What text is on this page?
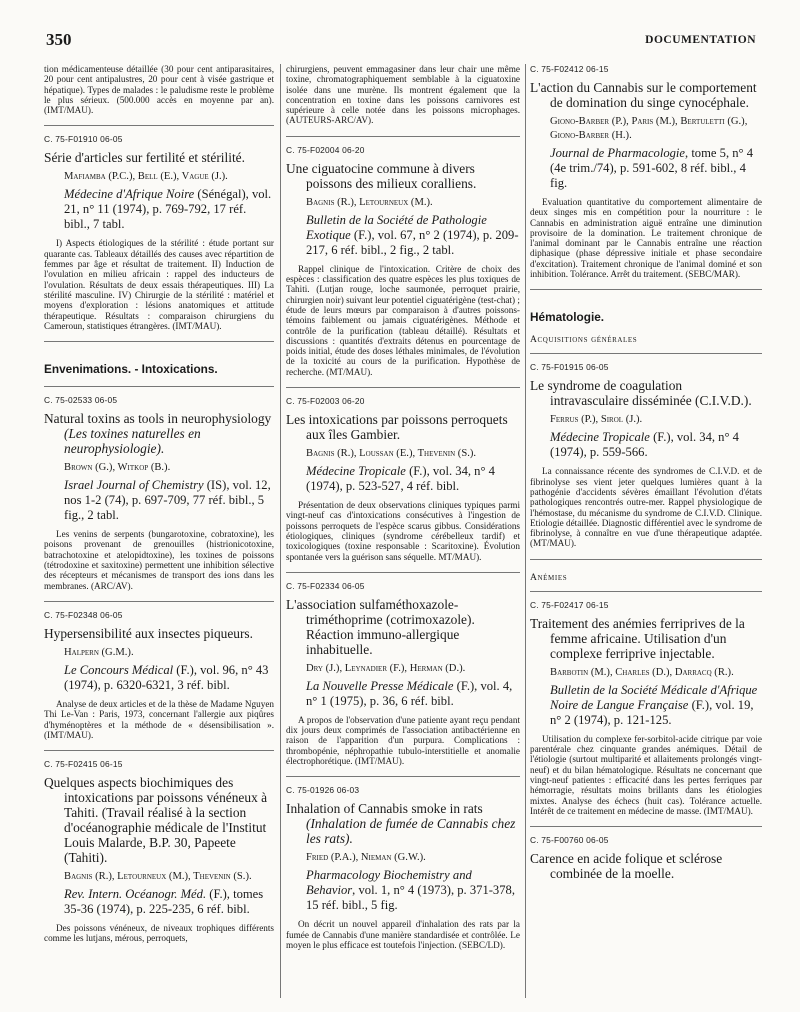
350	DOCUMENTATION
tion médicamenteuse détaillée (30 pour cent antiparasitaires, 20 pour cent antipalustres, 20 pour cent à visée gastrique et hépatique). Types de malades : le paludisme reste le problème le plus sérieux. (500.000 accès en moyenne par an). (IMT/MAU).
C. 75-F01910 06-05
Série d'articles sur fertilité et stérilité.
Mafiamba (P.C.), Bell (E.), Vague (J.).
Médecine d'Afrique Noire (Sénégal), vol. 21, n° 11 (1974), p. 769-792, 17 réf. bibl., 7 tabl.
I) Aspects étiologiques de la stérilité : étude portant sur quarante cas. Tableaux détaillés des causes avec répartition de femmes par âge et résultat de traitement. II) Induction de l'ovulation en milieu africain : rappel des inducteurs de l'ovulation. Résultats de deux essais thérapeutiques. III) La stérilité masculine. IV) Chirurgie de la stérilité : matériel et moyens d'exploration : lésions anatomiques et attitude thérapeutique. Résultats : comparaison chirurgiens du Cameroun, statistiques étrangères. (IMT/MAU).
Envenimations. - Intoxications.
C. 75-02533 06-05
Natural toxins as tools in neurophysiology (Les toxines naturelles en neurophysiologie).
Brown (G.), Witkop (B.).
Israel Journal of Chemistry (IS), vol. 12, nos 1-2 (74), p. 697-709, 77 réf. bibl., 5 fig., 2 tabl.
Les venins de serpents (bungarotoxine, cobratoxine), les poisons provenant de grenouilles (histrionicotoxine, batrachotoxine et atelopidtoxine), les toxines de poissons (tétrodoxine et saxitoxine) permettent une inhibition sélective des récepteurs et mécanismes de transport des ions dans les membranes. (ARC/AV).
C. 75-F02348 06-05
Hypersensibilité aux insectes piqueurs.
Halpern (G.M.).
Le Concours Médical (F.), vol. 96, n° 43 (1974), p. 6320-6321, 3 réf. bibl.
Analyse de deux articles et de la thèse de Madame Nguyen Thi Le-Van : Paris, 1973, concernant l'allergie aux piqûres d'hyménoptères et la méthode de « désensibilisation ». (IMT/MAU).
C. 75-F02415 06-15
Quelques aspects biochimiques des intoxications par poissons vénéneux à Tahiti. (Travail réalisé à la section d'océanographie médicale de l'Institut Louis Malarde, B.P. 30, Papeete (Tahiti).
Bagnis (R.), Letourneux (M.), Thevenin (S.).
Rev. Intern. Océanogr. Méd. (F.), tomes 35-36 (1974), p. 225-235, 6 réf. bibl.
Des poissons vénéneux, de niveaux trophiques différents comme les lutjans, mérous, perroquets,
chirurgiens, peuvent emmagasiner dans leur chair une même toxine, chromatographiquement semblable à la ciguatoxine isolée dans une murène. Ils montrent également que la concentration en toxine dans les poissons carnivores est supérieure à celle notée dans les poissons microphages. (AUTEURS-ARC/AV).
C. 75-F02004 06-20
Une ciguatocine commune à divers poissons des milieux coralliens.
Bagnis (R.), Letourneux (M.).
Bulletin de la Société de Pathologie Exotique (F.), vol. 67, n° 2 (1974), p. 209-217, 6 réf. bibl., 2 fig., 2 tabl.
Rappel clinique de l'intoxication. Critère de choix des espèces : classification des quatre espèces les plus toxiques de Tahiti. (Lutjan rouge, loche saumonée, perroquet prairie, chirurgien noir) suivant leur potentiel ciguatérigène (test-chat) ; étude de leurs mœurs par comparaison à d'autres poissons-témoins faiblement ou jamais ciguatérigènes. Méthode et contrôle de la purification (tableau détaillé). Résultats et discussions : quantités d'extraits détenus en pourcentage de poids initial, étude des doses léthales minimales, de l'évolution de la toxicité au cours de la purification. Hypothèse de recherche. (MT/MAU).
C. 75-F02003 06-20
Les intoxications par poissons perroquets aux îles Gambier.
Bagnis (R.), Loussan (E.), Thevenin (S.).
Médecine Tropicale (F.), vol. 34, n° 4 (1974), p. 523-527, 4 réf. bibl.
Présentation de deux observations cliniques typiques parmi vingt-neuf cas d'intoxications consécutives à l'ingestion de poissons perroquets de l'espèce scarus gibbus. Considérations étiologiques, cliniques (syndrome cérébelleux tardif) et toxicologiques (toxine responsable : Scaritoxine). Évolution spontanée vers la guérison sans séquelle. MT/MAU).
C. 75-F02334 06-05
L'association sulfaméthoxazole-triméthoprime (cotrimoxazole). Réaction immuno-allergique inhabituelle.
Dry (J.), Leynadier (F.), Herman (D.).
La Nouvelle Presse Médicale (F.), vol. 4, n° 1 (1975), p. 36, 6 réf. bibl.
A propos de l'observation d'une patiente ayant reçu pendant dix jours deux comprimés de l'association antibactérienne en raison de l'apparition d'un purpura. Complications : thrombopénie, néphropathie tubulo-interstitielle et anomalie électrophorétique. (IMT/MAU).
C. 75-01926 06-03
Inhalation of Cannabis smoke in rats (Inhalation de fumée de Cannabis chez les rats).
Fried (P.A.), Nieman (G.W.).
Pharmacology Biochemistry and Behavior, vol. 1, n° 4 (1973), p. 371-378, 15 réf. bibl., 5 fig.
On décrit un nouvel appareil d'inhalation des rats par la fumée de Cannabis d'une manière standardisée et contrôlée. Le moyen le plus efficace est toutefois l'injection. (SEBC/LD).
C. 75-F02412 06-15
L'action du Cannabis sur le comportement de domination du singe cynocéphale.
Giono-Barber (P.), Paris (M.), Bertuletti (G.), Giono-Barber (H.).
Journal de Pharmacologie, tome 5, n° 4 (4e trim./74), p. 591-602, 8 réf. bibl., 4 fig.
Evaluation quantitative du comportement alimentaire de deux singes mis en compétition pour la nourriture : le Cannabis en administration aiguë entraîne une diminution provisoire de la domination. Le traitement chronique de l'animal dominant par le Cannabis entraîne une réaction diphasique (phase dépressive initiale et phase secondaire d'excitation). Traitement chronique de l'animal dominé et son inhibition. Tolérance. Arrêt du traitement. (SEBC/MAR).
Hématologie.
Acquisitions générales
C. 75-F01915 06-05
Le syndrome de coagulation intravasculaire disséminée (C.I.V.D.).
Ferrus (P.), Sirol (J.).
Médecine Tropicale (F.), vol. 34, n° 4 (1974), p. 559-566.
La connaissance récente des syndromes de C.I.V.D. et de fibrinolyse ses vient jeter quelques lumières quant à la pathogénie d'accidents sévères émaillant l'évolution d'états pathologiques rencontrés outre-mer. Rappel physiologique de l'hémostase, du mécanisme du syndrome de C.I.V.D. Clinique. Etiologie détaillée. Diagnostic différentiel avec le syndrome de fibrinolyse, à connaître en vue d'une thérapeutique adaptée. (MT/MAU).
Anémies
C. 75-F02417 06-15
Traitement des anémies ferriprives de la femme africaine. Utilisation d'un complexe ferriprive injectable.
Barbotin (M.), Charles (D.), Darracq (R.).
Bulletin de la Société Médicale d'Afrique Noire de Langue Française (F.), vol. 19, n° 2 (1974), p. 121-125.
Utilisation du complexe fer-sorbitol-acide citrique par voie parentérale chez cinquante grandes anémiques. Détail de l'étiologie (surtout multiparité et allaitements prolongés vingt-neuf) et du bilan hématologique. Résultats ne concernant que vingt-neuf patientes : efficacité dans les pertes ferriques par hémorragie, résultats moins brillants dans les étiologies mixtes. Analyse des échecs (huit cas). Tolérance actuelle. Intérêt de ce traitement en médecine de masse. (IMT/MAU).
C. 75-F00760 06-05
Carence en acide folique et sclérose combinée de la moelle.
